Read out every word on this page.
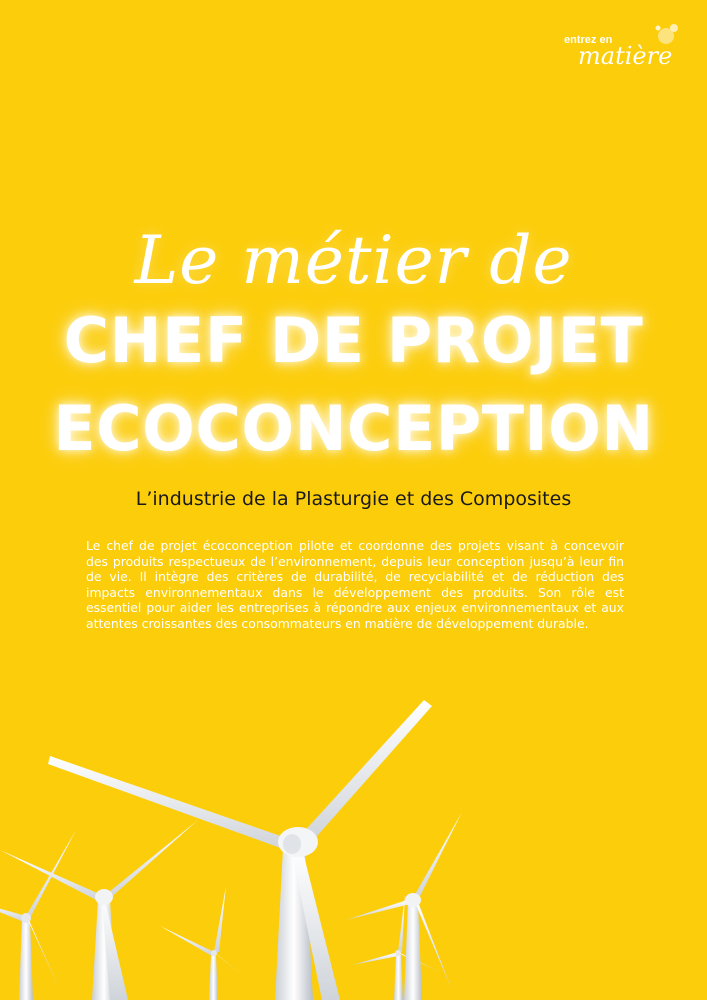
entrez en
matière
Le métier de
CHEF DE PROJET
ECOCONCEPTION
L’industrie de la Plasturgie et des Composites
Le chef de projet écoconception pilote et coordonne des projets visant à concevoir des produits respectueux de l’environnement, depuis leur conception jusqu’à leur fin de vie. Il intègre des critères de durabilité, de recyclabilité et de réduction des impacts environnementaux dans le développement des produits. Son rôle est essentiel pour aider les entreprises à répondre aux enjeux environnementaux et aux attentes croissantes des consommateurs en matière de développement durable.
